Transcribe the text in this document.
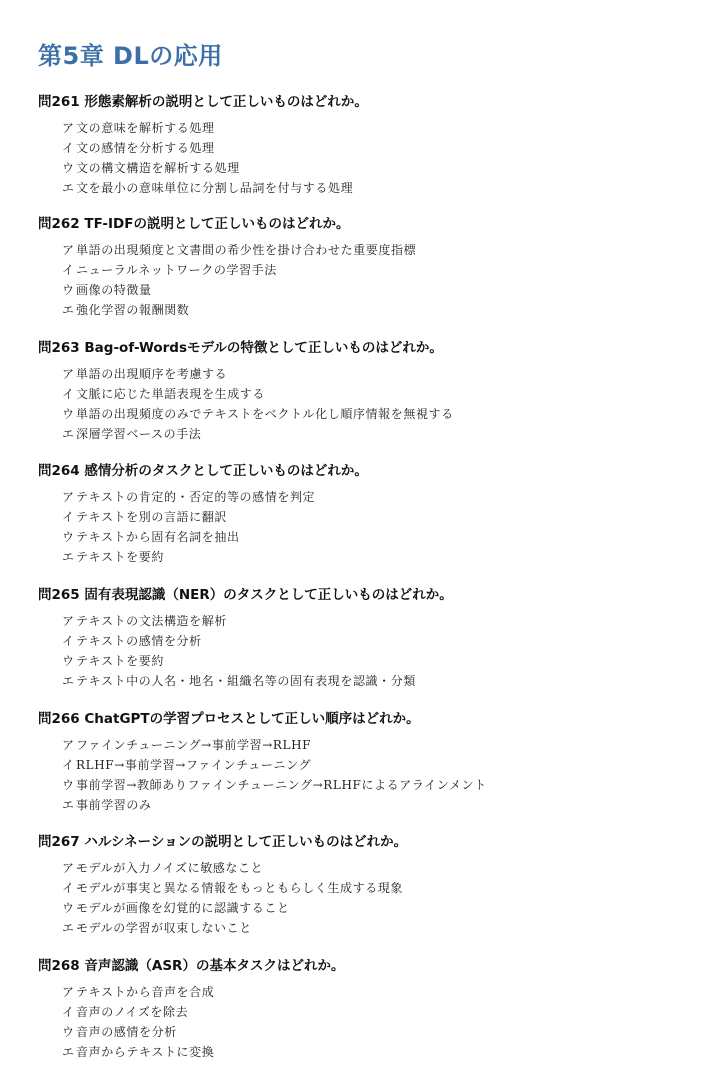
第5章 DLの応用
問261 形態素解析の説明として正しいものはどれか。
ア文の意味を解析する処理
イ文の感情を分析する処理
ウ文の構文構造を解析する処理
エ文を最小の意味単位に分割し品詞を付与する処理
問262 TF-IDFの説明として正しいものはどれか。
ア単語の出現頻度と文書間の希少性を掛け合わせた重要度指標
イニューラルネットワークの学習手法
ウ画像の特徴量
エ強化学習の報酬関数
問263 Bag-of-Wordsモデルの特徴として正しいものはどれか。
ア単語の出現順序を考慮する
イ文脈に応じた単語表現を生成する
ウ単語の出現頻度のみでテキストをベクトル化し順序情報を無視する
エ深層学習ベースの手法
問264 感情分析のタスクとして正しいものはどれか。
アテキストの肯定的・否定的等の感情を判定
イテキストを別の言語に翻訳
ウテキストから固有名詞を抽出
エテキストを要約
問265 固有表現認識（NER）のタスクとして正しいものはどれか。
アテキストの文法構造を解析
イテキストの感情を分析
ウテキストを要約
エテキスト中の人名・地名・組織名等の固有表現を認識・分類
問266 ChatGPTの学習プロセスとして正しい順序はどれか。
アファインチューニング→事前学習→RLHF
イRLHF→事前学習→ファインチューニング
ウ事前学習→教師ありファインチューニング→RLHFによるアラインメント
エ事前学習のみ
問267 ハルシネーションの説明として正しいものはどれか。
アモデルが入力ノイズに敏感なこと
イモデルが事実と異なる情報をもっともらしく生成する現象
ウモデルが画像を幻覚的に認識すること
エモデルの学習が収束しないこと
問268 音声認識（ASR）の基本タスクはどれか。
アテキストから音声を合成
イ音声のノイズを除去
ウ音声の感情を分析
エ音声からテキストに変換
